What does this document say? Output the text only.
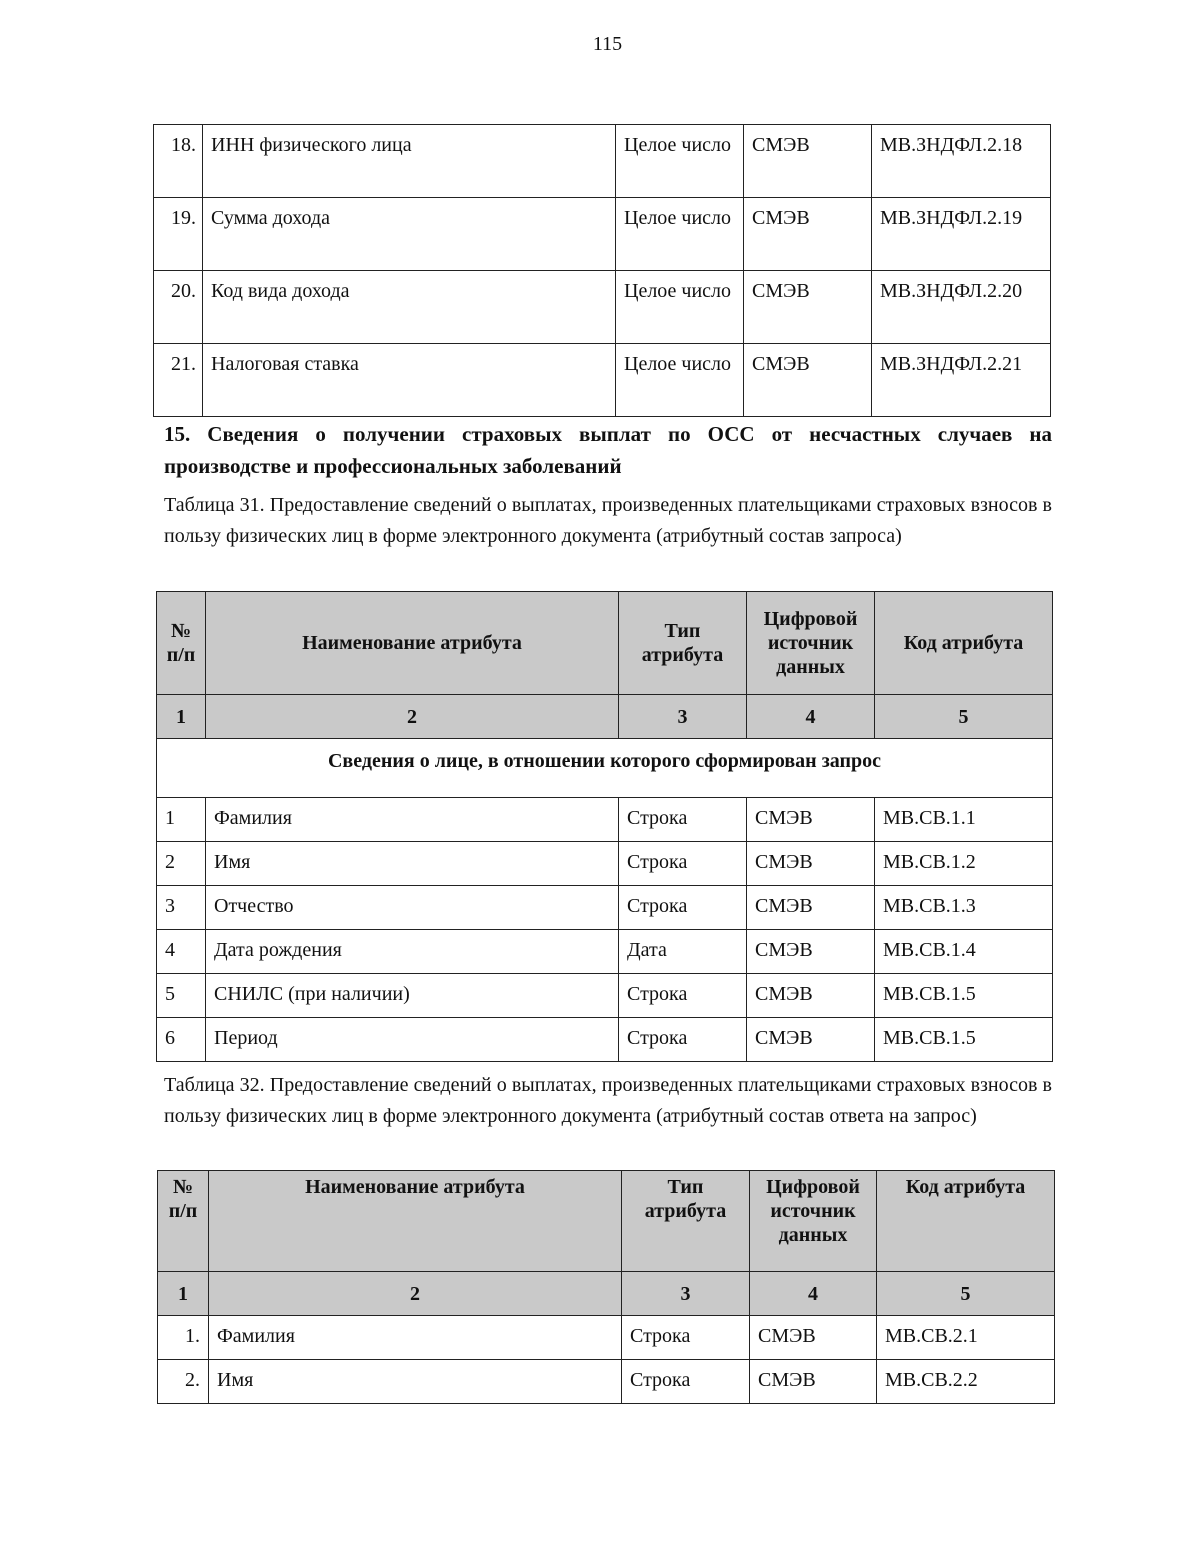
115
18.	ИНН физического лица	Целое число	СМЭВ	МВ.ЗНДФЛ.2.18
19.	Сумма дохода	Целое число	СМЭВ	МВ.ЗНДФЛ.2.19
20.	Код вида дохода	Целое число	СМЭВ	МВ.ЗНДФЛ.2.20
21.	Налоговая ставка	Целое число	СМЭВ	МВ.ЗНДФЛ.2.21
15. Сведения о получении страховых выплат по ОСС от несчастных случаев на производстве и профессиональных заболеваний
Таблица 31. Предоставление сведений о выплатах, произведенных плательщиками страховых взносов в пользу физических лиц в форме электронного документа (атрибутный состав запроса)
№ п/п	Наименование атрибута	Тип атрибута	Цифровой источник данных	Код атрибута
1	2	3	4	5
Сведения о лице, в отношении которого сформирован запрос				
1	Фамилия	Строка	СМЭВ	МВ.СВ.1.1
2	Имя	Строка	СМЭВ	МВ.СВ.1.2
3	Отчество	Строка	СМЭВ	МВ.СВ.1.3
4	Дата рождения	Дата	СМЭВ	МВ.СВ.1.4
5	СНИЛС (при наличии)	Строка	СМЭВ	МВ.СВ.1.5
6	Период	Строка	СМЭВ	МВ.СВ.1.5
Таблица 32. Предоставление сведений о выплатах, произведенных плательщиками страховых взносов в пользу физических лиц в форме электронного документа (атрибутный состав ответа на запрос)
№ п/п	Наименование атрибута	Тип атрибута	Цифровой источник данных	Код атрибута
1	2	3	4	5
1.	Фамилия	Строка	СМЭВ	МВ.СВ.2.1
2.	Имя	Строка	СМЭВ	МВ.СВ.2.2
